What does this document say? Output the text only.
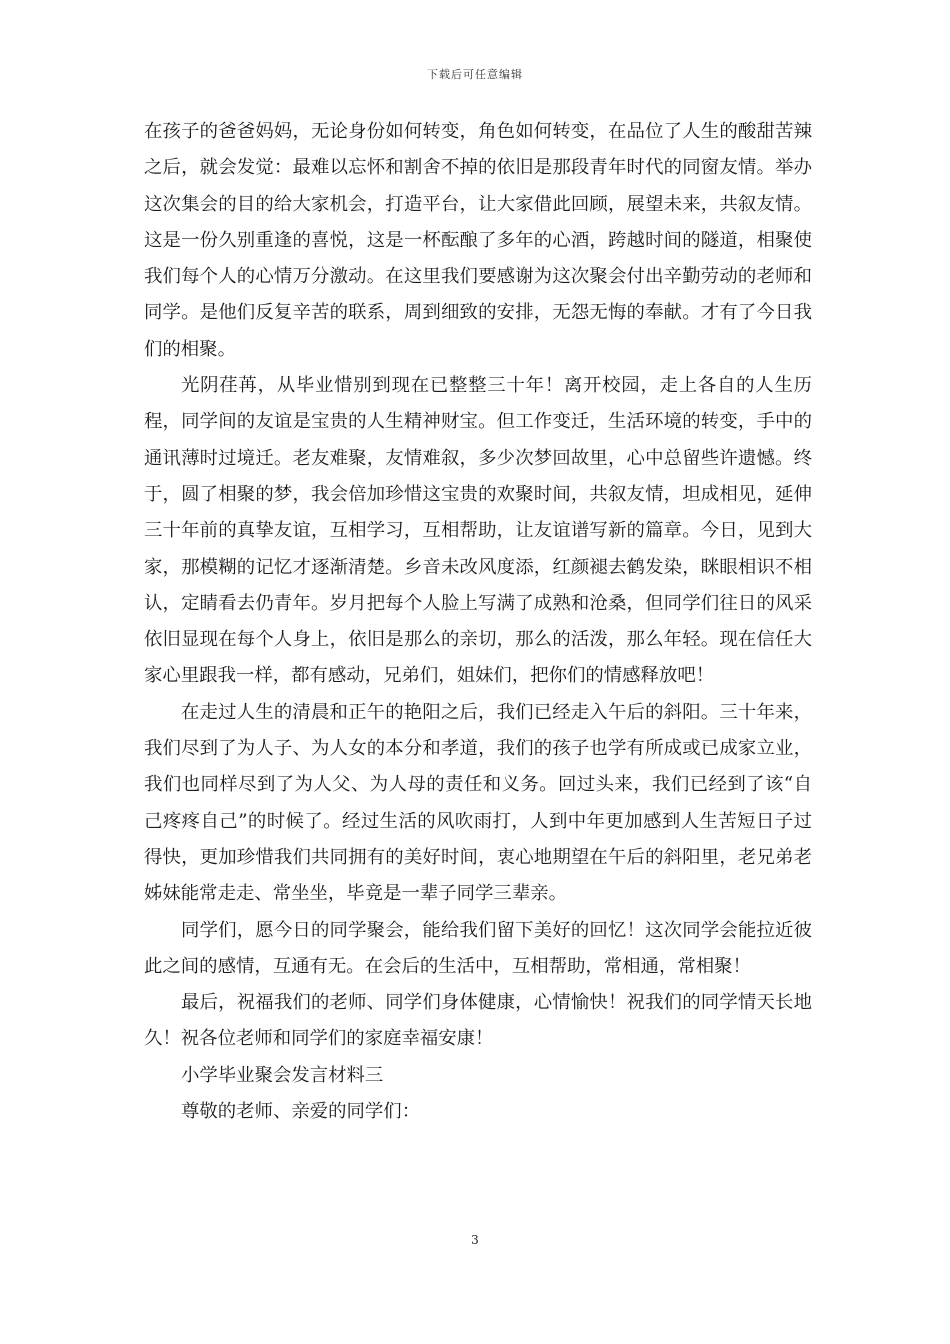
下载后可任意编辑

在孩子的爸爸妈妈，无论身份如何转变，角色如何转变，在品位了人生的酸甜苦辣之后，就会发觉：最难以忘怀和割舍不掉的依旧是那段青年时代的同窗友情。举办这次集会的目的给大家机会，打造平台，让大家借此回顾，展望未来，共叙友情。这是一份久别重逢的喜悦，这是一杯酝酿了多年的心酒，跨越时间的隧道，相聚使我们每个人的心情万分激动。在这里我们要感谢为这次聚会付出辛勤劳动的老师和同学。是他们反复辛苦的联系，周到细致的安排，无怨无悔的奉献。才有了今日我们的相聚。

光阴荏苒，从毕业惜别到现在已整整三十年！离开校园，走上各自的人生历程，同学间的友谊是宝贵的人生精神财宝。但工作变迁，生活环境的转变，手中的通讯薄时过境迁。老友难聚，友情难叙，多少次梦回故里，心中总留些许遗憾。终于，圆了相聚的梦，我会倍加珍惜这宝贵的欢聚时间，共叙友情，坦成相见，延伸三十年前的真挚友谊，互相学习，互相帮助，让友谊谱写新的篇章。今日，见到大家，那模糊的记忆才逐渐清楚。乡音未改风度添，红颜褪去鹤发染，眯眼相识不相认，定睛看去仍青年。岁月把每个人脸上写满了成熟和沧桑，但同学们往日的风采依旧显现在每个人身上，依旧是那么的亲切，那么的活泼，那么年轻。现在信任大家心里跟我一样，都有感动，兄弟们，姐妹们，把你们的情感释放吧！

在走过人生的清晨和正午的艳阳之后，我们已经走入午后的斜阳。三十年来，我们尽到了为人子、为人女的本分和孝道，我们的孩子也学有所成或已成家立业，我们也同样尽到了为人父、为人母的责任和义务。回过头来，我们已经到了该“自己疼疼自己”的时候了。经过生活的风吹雨打，人到中年更加感到人生苦短日子过得快，更加珍惜我们共同拥有的美好时间，衷心地期望在午后的斜阳里，老兄弟老姊妹能常走走、常坐坐，毕竟是一辈子同学三辈亲。

同学们，愿今日的同学聚会，能给我们留下美好的回忆！这次同学会能拉近彼此之间的感情，互通有无。在会后的生活中，互相帮助，常相通，常相聚！

最后，祝福我们的老师、同学们身体健康，心情愉快！祝我们的同学情天长地久！祝各位老师和同学们的家庭幸福安康！

小学毕业聚会发言材料三

尊敬的老师、亲爱的同学们：

3
